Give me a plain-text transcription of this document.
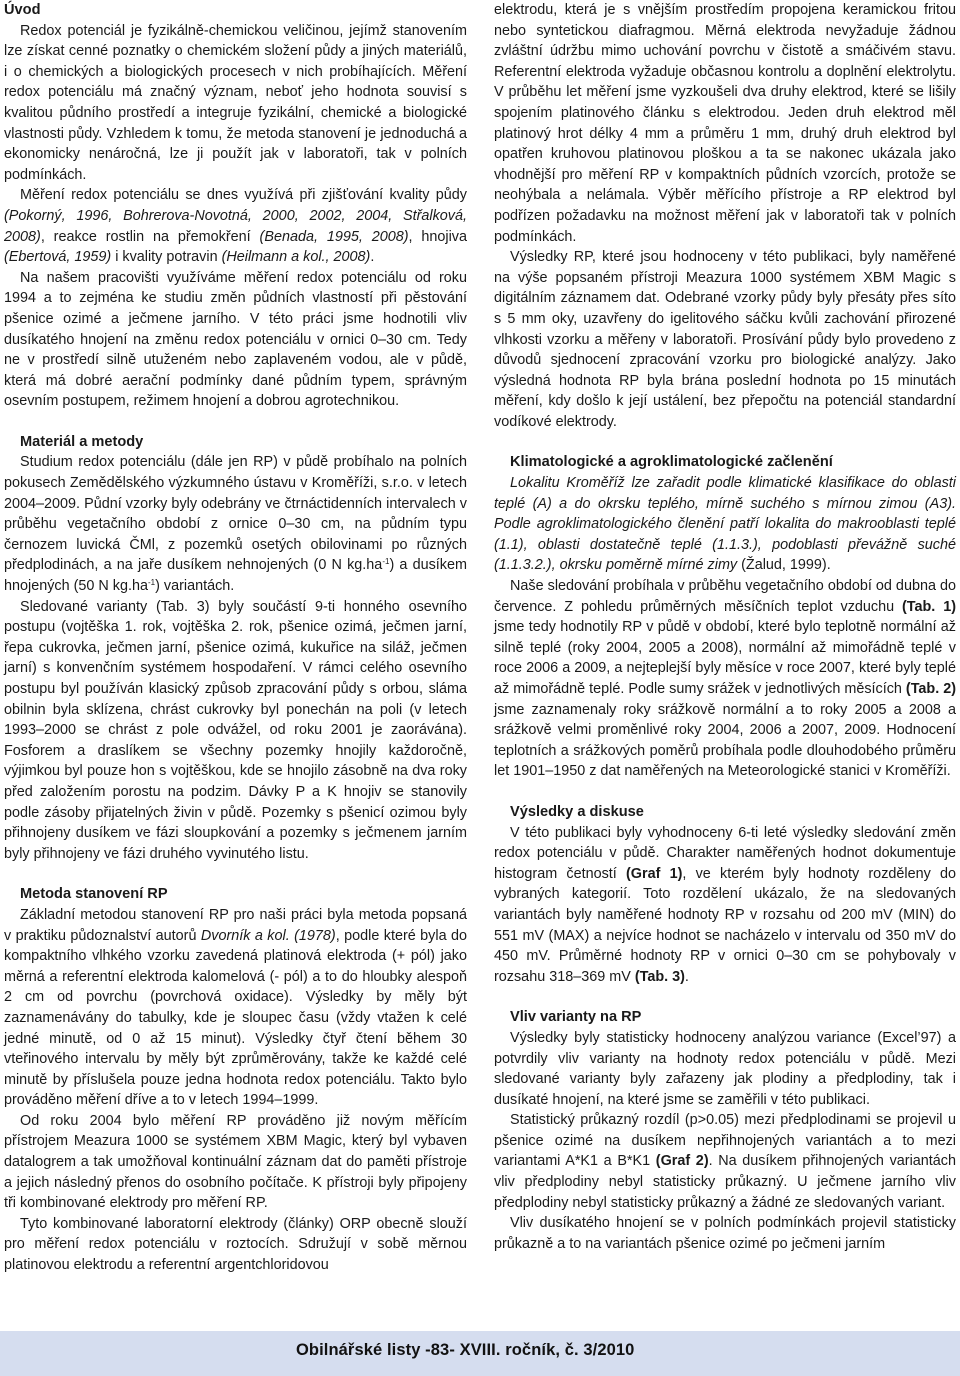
Úvod

Redox potenciál je fyzikálně-chemickou veličinou, jejímž stanovením lze získat cenné poznatky o chemickém složení půdy a jiných materiálů, i o chemických a biologických procesech v nich probíhajících. Měření redox potenciálu má značný význam, neboť jeho hodnota souvisí s kvalitou půdního prostředí a integruje fyzikální, chemické a biologické vlastnosti půdy. Vzhledem k tomu, že metoda stanovení je jednoduchá a ekonomicky nenáročná, lze ji použít jak v laboratoři, tak v polních podmínkách.

Měření redox potenciálu se dnes využívá při zjišťování kvality půdy (Pokorný, 1996, Bohrerova-Novotná, 2000, 2002, 2004, Střalková, 2008), reakce rostlin na přemokření (Benada, 1995, 2008), hnojiva (Ebertová, 1959) i kvality potravin (Heilmann a kol., 2008).

Na našem pracovišti využíváme měření redox potenciálu od roku 1994 a to zejména ke studiu změn půdních vlastností při pěstování pšenice ozimé a ječmene jarního. V této práci jsme hodnotili vliv dusíkatého hnojení na změnu redox potenciálu v ornici 0–30 cm. Tedy ne v prostředí silně utuženém nebo zaplaveném vodou, ale v půdě, která má dobré aerační podmínky dané půdním typem, správným osevním postupem, režimem hnojení a dobrou agrotechnikou.

Materiál a metody

Studium redox potenciálu (dále jen RP) v půdě probíhalo na polních pokusech Zemědělského výzkumného ústavu v Kroměříži, s.r.o. v letech 2004–2009. Půdní vzorky byly odebrány ve čtrnáctidenních intervalech v průběhu vegetačního období z ornice 0–30 cm, na půdním typu černozem luvická ČMl, z pozemků osetých obilovinami po různých předplodinách, a na jaře dusíkem nehnojených (0 N $kg.ha^{-1}$) a dusíkem hnojených (50 N $kg.ha^{-1}$) variantách.

Sledované varianty (Tab. 3) byly součástí 9-ti honného osevního postupu (vojtěška 1. rok, vojtěška 2. rok, pšenice ozimá, ječmen jarní, řepa cukrovka, ječmen jarní, pšenice ozimá, kukuřice na siláž, ječmen jarní) s konvenčním systémem hospodaření. V rámci celého osevního postupu byl používán klasický způsob zpracování půdy s orbou, sláma obilnin byla sklízena, chrást cukrovky byl ponechán na poli (v letech 1993–2000 se chrást z pole odvážel, od roku 2001 je zaorávána). Fosforem a draslíkem se všechny pozemky hnojily každoročně, výjimkou byl pouze hon s vojtěškou, kde se hnojilo zásobně na dva roky před založením porostu na podzim. Dávky P a K hnojiv se stanovily podle zásoby přijatelných živin v půdě. Pozemky s pšenicí ozimou byly přihnojeny dusíkem ve fázi sloupkování a pozemky s ječmenem jarním byly přihnojeny ve fázi druhého vyvinutého listu.

Metoda stanovení RP

Základní metodou stanovení RP pro naši práci byla metoda popsaná v praktiku půdoznalství autorů Dvorník a kol. (1978), podle které byla do kompaktního vlhkého vzorku zavedená platinová elektroda (+ pól) jako měrná a referentní elektroda kalomelová (- pól) a to do hloubky alespoň 2 cm od povrchu (povrchová oxidace). Výsledky by měly být zaznamenávány do tabulky, kde je sloupec času (vždy vtažen k celé jedné minutě, od 0 až 15 minut). Výsledky čtyř čtení během 30 vteřinového intervalu by měly být zprůměrovány, takže ke každé celé minutě by příslušela pouze jedna hodnota redox potenciálu. Takto bylo prováděno měření dříve a to v letech 1994–1999.

Od roku 2004 bylo měření RP prováděno již novým měřícím přístrojem Meazura 1000 se systémem XBM Magic, který byl vybaven datalogrem a tak umožňoval kontinuální záznam dat do paměti přístroje a jejich následný přenos do osobního počítače. K přístroji byly připojeny tři kombinované elektrody pro měření RP.

Tyto kombinované laboratorní elektrody (články) ORP obecně slouží pro měření redox potenciálu v roztocích. Sdružují v sobě měrnou platinovou elektrodu a referentní argentchloridovou

elektrodu, která je s vnějším prostředím propojena keramickou fritou nebo syntetickou diafragmou. Měrná elektroda nevyžaduje žádnou zvláštní údržbu mimo uchování povrchu v čistotě a smáčivém stavu. Referentní elektroda vyžaduje občasnou kontrolu a doplnění elektrolytu. V průběhu let měření jsme vyzkoušeli dva druhy elektrod, které se lišily spojením platinového článku s elektrodou. Jeden druh elektrod měl platinový hrot délky 4 mm a průměru 1 mm, druhý druh elektrod byl opatřen kruhovou platinovou ploškou a ta se nakonec ukázala jako vhodnější pro měření RP v kompaktních půdních vzorcích, protože se neohýbala a nelámala. Výběr měřícího přístroje a RP elektrod byl podřízen požadavku na možnost měření jak v laboratoři tak v polních podmínkách.

Výsledky RP, které jsou hodnoceny v této publikaci, byly naměřené na výše popsaném přístroji Meazura 1000 systémem XBM Magic s digitálním záznamem dat. Odebrané vzorky půdy byly přesáty přes síto s 5 mm oky, uzavřeny do igelitového sáčku kvůli zachování přirozené vlhkosti vzorku a měřeny v laboratoři. Prosívání půdy bylo provedeno z důvodů sjednocení zpracování vzorku pro biologické analýzy. Jako výsledná hodnota RP byla brána poslední hodnota po 15 minutách měření, kdy došlo k její ustálení, bez přepočtu na potenciál standardní vodíkové elektrody.

Klimatologické a agroklimatologické začlenění

Lokalitu Kroměříž lze zařadit podle klimatické klasifikace do oblasti teplé (A) a do okrsku teplého, mírně suchého s mírnou zimou (A3). Podle agroklimatologického členění patří lokalita do makrooblasti teplé (1.1), oblasti dostatečně teplé (1.1.3.), podoblasti převážně suché (1.1.3.2.), okrsku poměrně mírné zimy (Žalud, 1999).

Naše sledování probíhala v průběhu vegetačního období od dubna do července. Z pohledu průměrných měsíčních teplot vzduchu (Tab. 1) jsme tedy hodnotily RP v půdě v období, které bylo teplotně normální až silně teplé (roky 2004, 2005 a 2008), normální až mimořádně teplé v roce 2006 a 2009, a nejteplejší byly měsíce v roce 2007, které byly teplé až mimořádně teplé. Podle sumy srážek v jednotlivých měsících (Tab. 2) jsme zaznamenaly roky srážkově normální a to roky 2005 a 2008 a srážkově velmi proměnlivé roky 2004, 2006 a 2007, 2009. Hodnocení teplotních a srážkových poměrů probíhala podle dlouhodobého průměru let 1901–1950 z dat naměřených na Meteorologické stanici v Kroměříži.

Výsledky a diskuse

V této publikaci byly vyhodnoceny 6-ti leté výsledky sledování změn redox potenciálu v půdě. Charakter naměřených hodnot dokumentuje histogram četností (Graf 1), ve kterém byly hodnoty rozděleny do vybraných kategorií. Toto rozdělení ukázalo, že na sledovaných variantách byly naměřené hodnoty RP v rozsahu od 200 mV (MIN) do 551 mV (MAX) a nejvíce hodnot se nacházelo v intervalu od 350 mV do 450 mV. Průměrné hodnoty RP v ornici 0–30 cm se pohybovaly v rozsahu 318–369 mV (Tab. 3).

Vliv varianty na RP

Výsledky byly statisticky hodnoceny analýzou variance (Excel’97) a potvrdily vliv varianty na hodnoty redox potenciálu v půdě. Mezi sledované varianty byly zařazeny jak plodiny a předplodiny, tak i dusíkaté hnojení, na které jsme se zaměřili v této publikaci.

Statistický průkazný rozdíl (p>0.05) mezi předplodinami se projevil u pšenice ozimé na dusíkem nepřihnojených variantách a to mezi variantami A*K1 a B*K1 (Graf 2). Na dusíkem přihnojených variantách vliv předplodiny nebyl statisticky průkazný. U ječmene jarního vliv předplodiny nebyl statisticky průkazný a žádné ze sledovaných variant.

Vliv dusíkatého hnojení se v polních podmínkách projevil statisticky průkazně a to na variantách pšenice ozimé po ječmeni jarním

Obilnářské listy -83- XVIII. ročník, č. 3/2010
